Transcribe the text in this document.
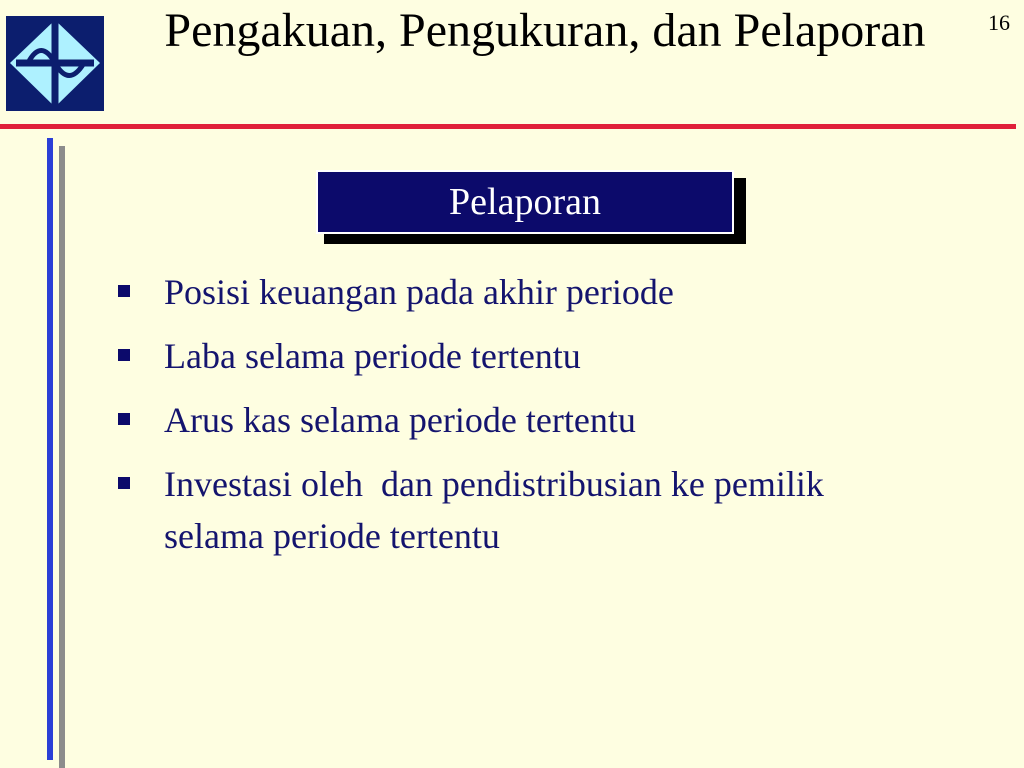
Pengakuan, Pengukuran, dan Pelaporan	16
Pelaporan
Posisi keuangan pada akhir periode
Laba selama periode tertentu
Arus kas selama periode tertentu
Investasi oleh  dan pendistribusian ke pemilik selama periode tertentu
